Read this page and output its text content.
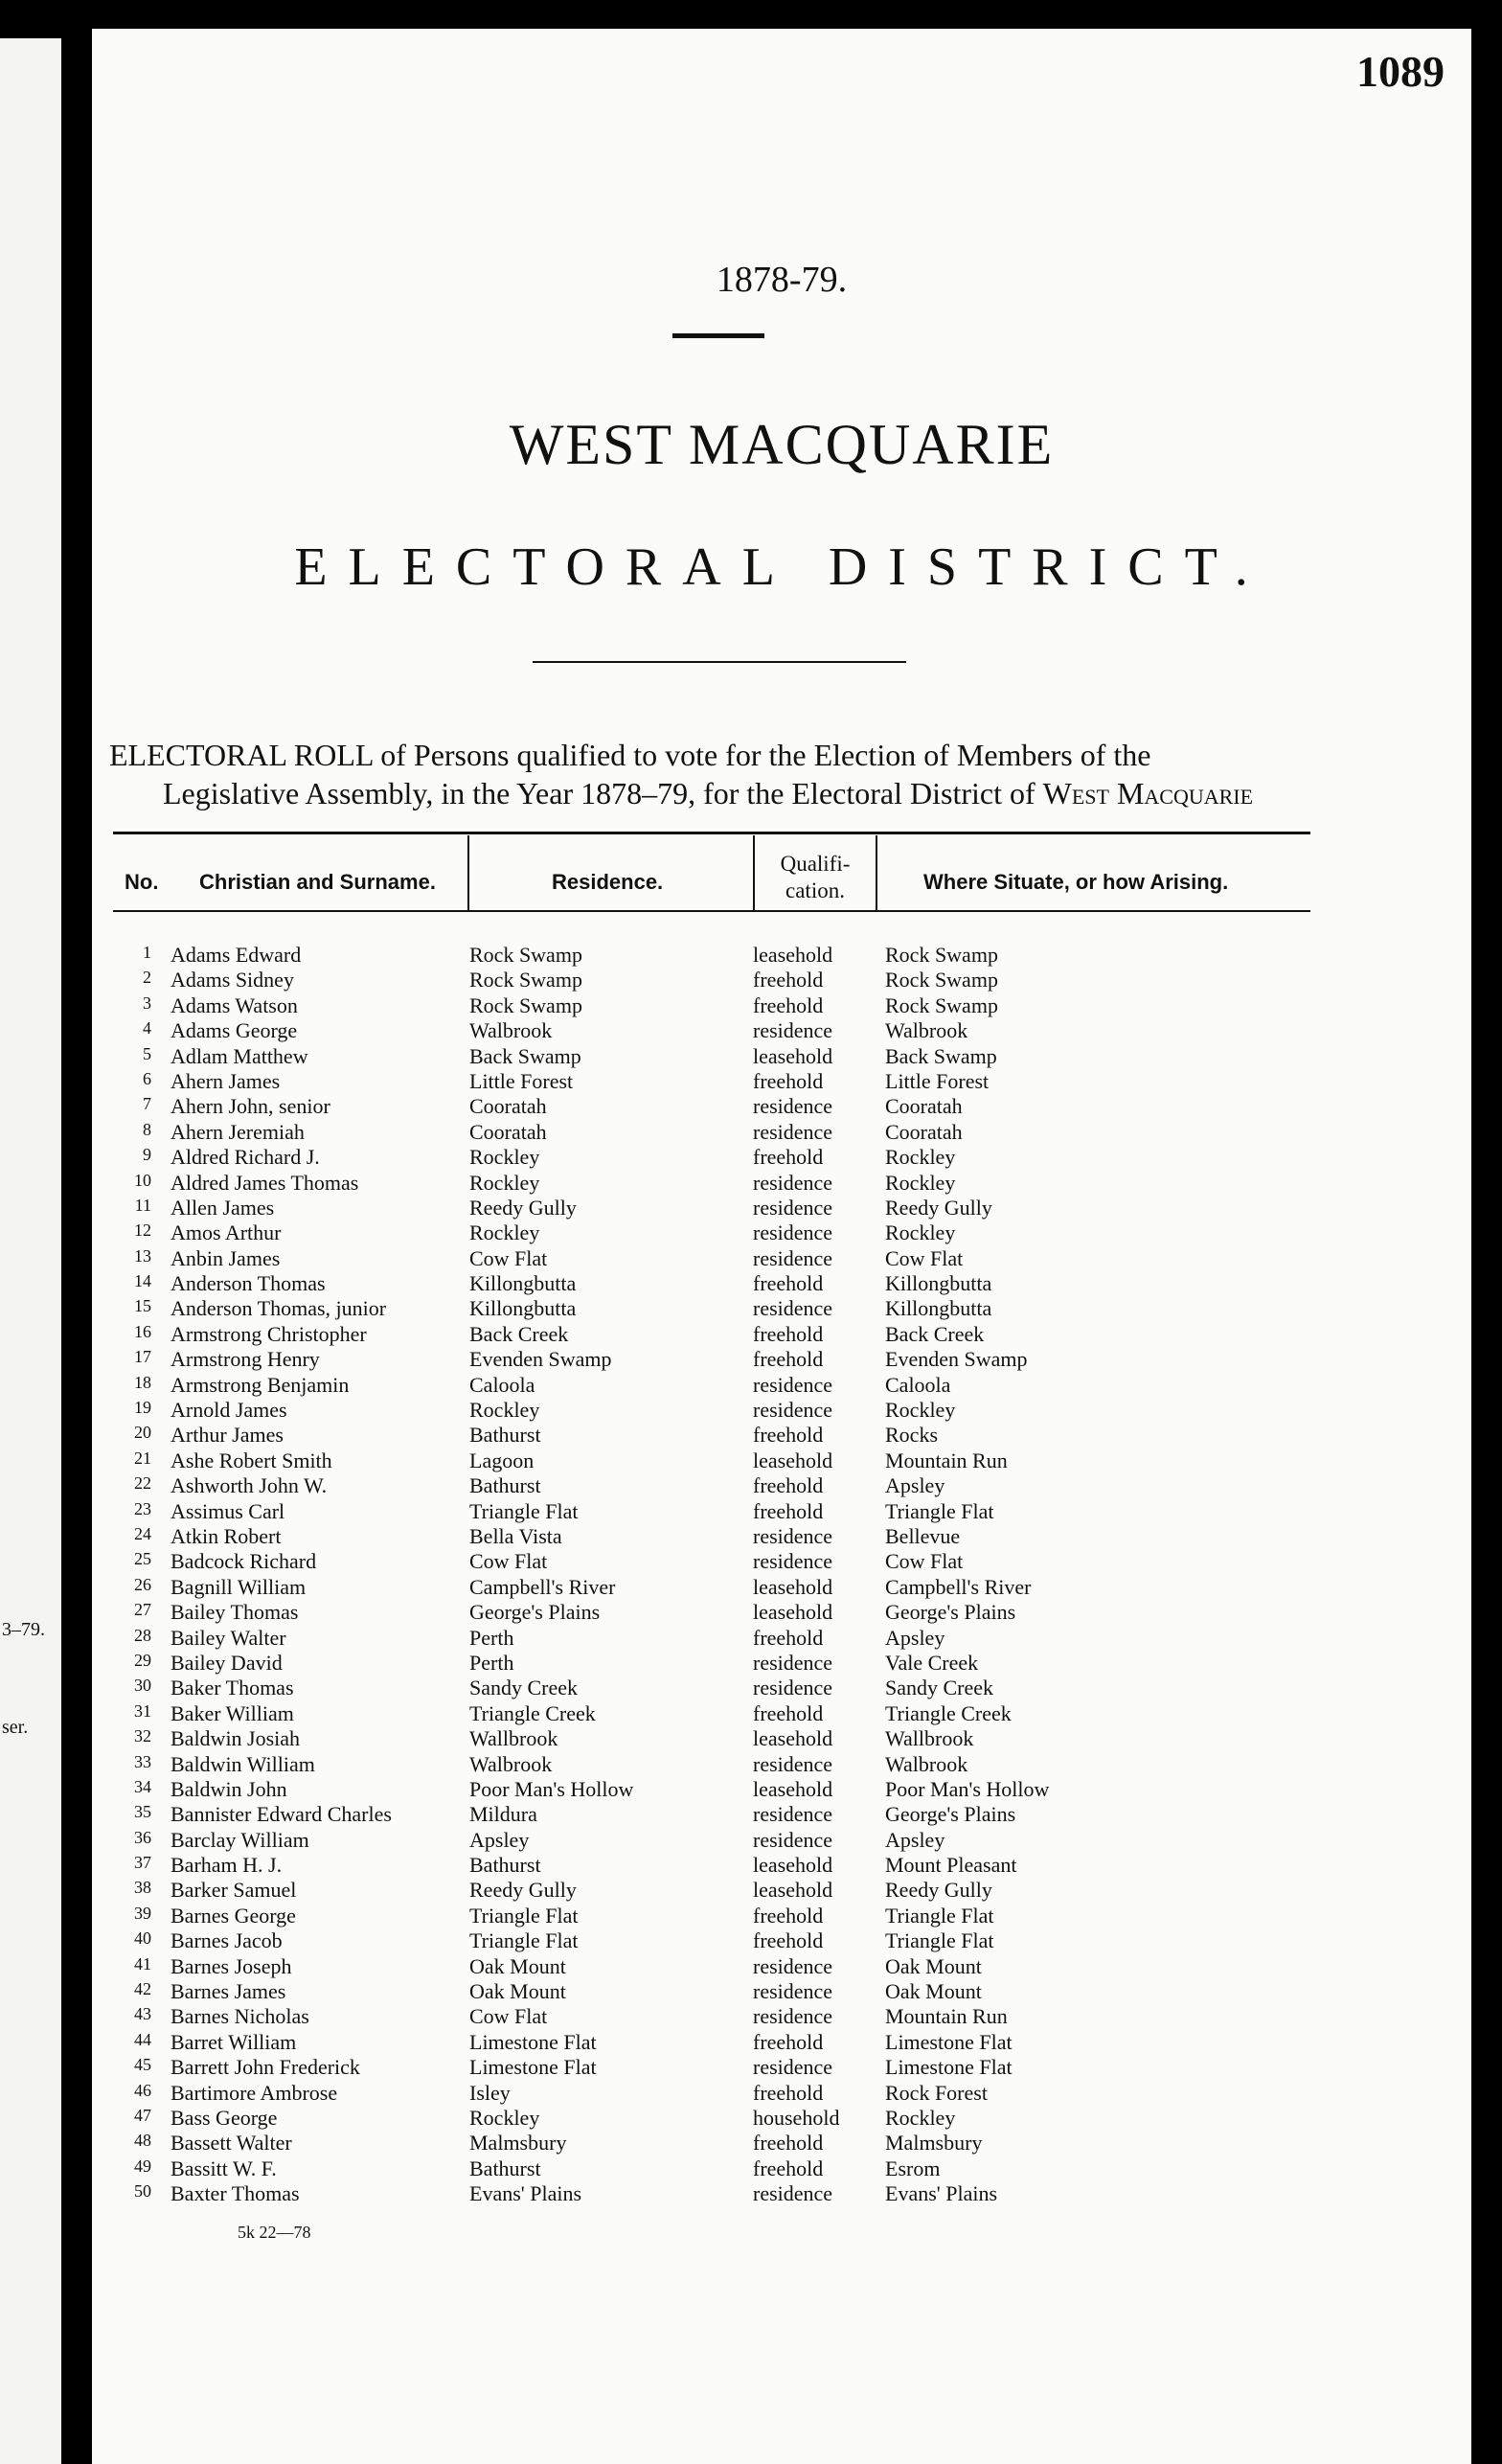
3–79.
ser.
1089
1878-79.
WEST MACQUARIE
ELECTORAL DISTRICT.
ELECTORAL ROLL of Persons qualified to vote for the Election of Members of the
Legislative Assembly, in the Year 1878–79, for the Electoral District of West Macquarie
No. Christian and Surname.	Residence.
Qualifi-
cation.	Where Situate, or how Arising.
1 Adams Edward	Rock Swamp	leasehold Rock Swamp
2 Adams Sidney	Rock Swamp	freehold	Rock Swamp
3 Adams Watson	Rock Swamp	freehold	Rock Swamp
4 Adams George	Walbrook	residence Walbrook
5 Adlam Matthew	Back Swamp	leasehold Back Swamp
6 Ahern James	Little Forest	freehold	Little Forest
7 Ahern John, senior	Cooratah	residence Cooratah
8 Ahern Jeremiah	Cooratah	residence Cooratah
9 Aldred Richard J.	Rockley	freehold	Rockley
10 Aldred James Thomas	Rockley	residence Rockley
11 Allen James	Reedy Gully	residence Reedy Gully
12 Amos Arthur	Rockley	residence Rockley
13 Anbin James	Cow Flat	residence Cow Flat
14 Anderson Thomas	Killongbutta	freehold	Killongbutta
15 Anderson Thomas, junior	Killongbutta	residence Killongbutta
16 Armstrong Christopher	Back Creek	freehold	Back Creek
17 Armstrong Henry	Evenden Swamp	freehold	Evenden Swamp
18 Armstrong Benjamin	Caloola	residence Caloola
19 Arnold James	Rockley	residence Rockley
20 Arthur James	Bathurst	freehold	Rocks
21 Ashe Robert Smith	Lagoon	leasehold Mountain Run
22 Ashworth John W.	Bathurst	freehold	Apsley
23 Assimus Carl	Triangle Flat	freehold	Triangle Flat
24 Atkin Robert	Bella Vista	residence Bellevue
25 Badcock Richard	Cow Flat	residence Cow Flat
26 Bagnill William	Campbell's River	leasehold Campbell's River
27 Bailey Thomas	George's Plains	leasehold George's Plains
28 Bailey Walter	Perth	freehold	Apsley
29 Bailey David	Perth	residence Vale Creek
30 Baker Thomas	Sandy Creek	residence Sandy Creek
31 Baker William	Triangle Creek	freehold	Triangle Creek
32 Baldwin Josiah	Wallbrook	leasehold Wallbrook
33 Baldwin William	Walbrook	residence Walbrook
34 Baldwin John	Poor Man's Hollow	leasehold Poor Man's Hollow
35 Bannister Edward Charles	Mildura	residence George's Plains
36 Barclay William	Apsley	residence Apsley
37 Barham H. J.	Bathurst	leasehold Mount Pleasant
38 Barker Samuel	Reedy Gully	leasehold Reedy Gully
39 Barnes George	Triangle Flat	freehold	Triangle Flat
40 Barnes Jacob	Triangle Flat	freehold	Triangle Flat
41 Barnes Joseph	Oak Mount	residence Oak Mount
42 Barnes James	Oak Mount	residence Oak Mount
43 Barnes Nicholas	Cow Flat	residence Mountain Run
44 Barret William	Limestone Flat	freehold	Limestone Flat
45 Barrett John Frederick	Limestone Flat	residence Limestone Flat
46 Bartimore Ambrose	Isley	freehold	Rock Forest
47 Bass George	Rockley	household Rockley
48 Bassett Walter	Malmsbury	freehold	Malmsbury
49 Bassitt W. F.	Bathurst	freehold	Esrom
50 Baxter Thomas	Evans' Plains	residence Evans' Plains
5k 22—78
